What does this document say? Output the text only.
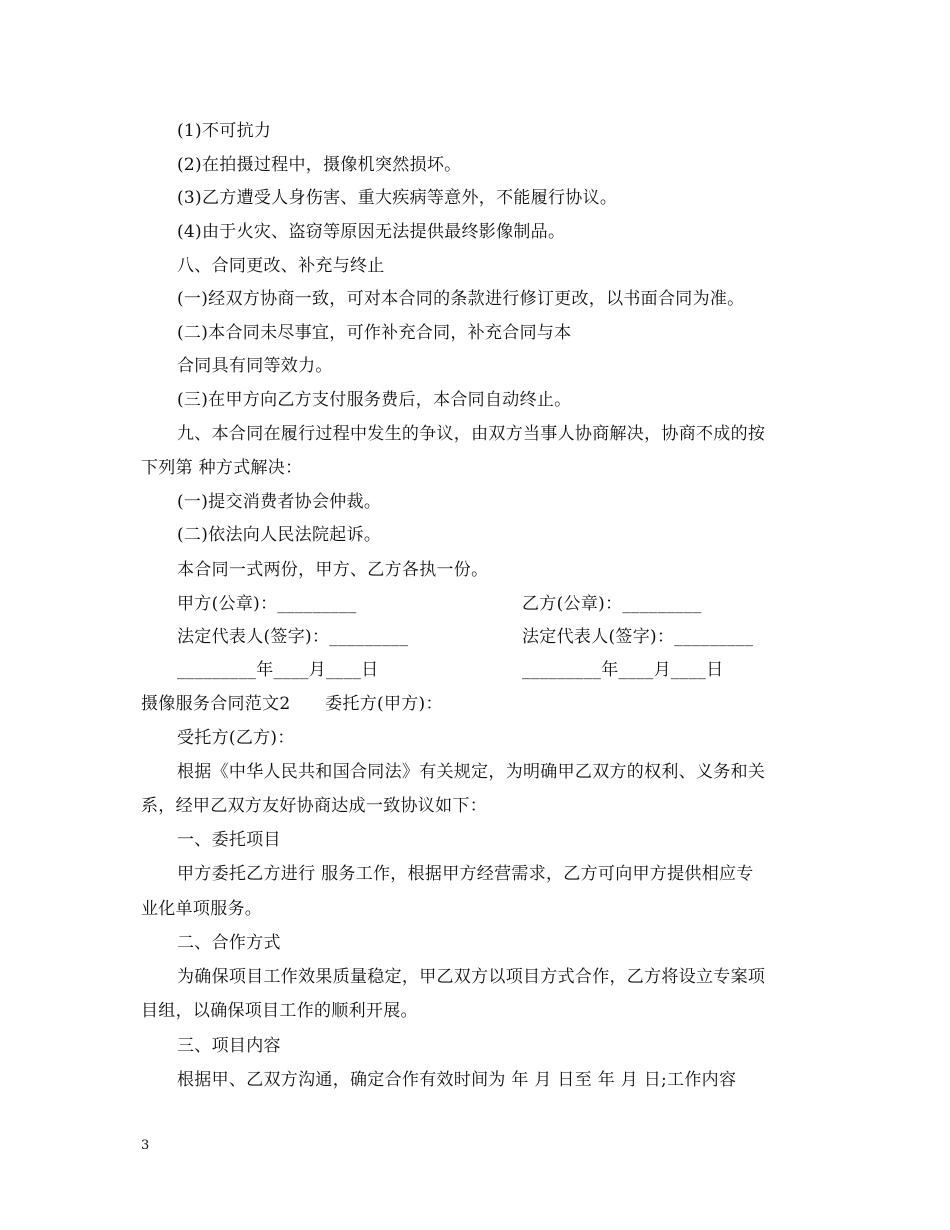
(1)不可抗力
(2)在拍摄过程中，摄像机突然损坏。
(3)乙方遭受人身伤害、重大疾病等意外，不能履行协议。
(4)由于火灾、盗窃等原因无法提供最终影像制品。
八、合同更改、补充与终止
(一)经双方协商一致，可对本合同的条款进行修订更改，以书面合同为准。
(二)本合同未尽事宜，可作补充合同，补充合同与本
合同具有同等效力。
(三)在甲方向乙方支付服务费后，本合同自动终止。
九、本合同在履行过程中发生的争议，由双方当事人协商解决，协商不成的按
下列第 种方式解决：
(一)提交消费者协会仲裁。
(二)依法向人民法院起诉。
本合同一式两份，甲方、乙方各执一份。
甲方(公章)：_________	乙方(公章)：_________
法定代表人(签字)：_________	法定代表人(签字)：_________
_________年____月____日	_________年____月____日
摄像服务合同范文2　　委托方(甲方)：
受托方(乙方)：
根据《中华人民共和国合同法》有关规定，为明确甲乙双方的权利、义务和关
系，经甲乙双方友好协商达成一致协议如下：
一、委托项目
甲方委托乙方进行 服务工作，根据甲方经营需求，乙方可向甲方提供相应专
业化单项服务。
二、合作方式
为确保项目工作效果质量稳定，甲乙双方以项目方式合作，乙方将设立专案项
目组，以确保项目工作的顺利开展。
三、项目内容
根据甲、乙双方沟通，确定合作有效时间为 年 月 日至 年 月 日;工作内容
3
